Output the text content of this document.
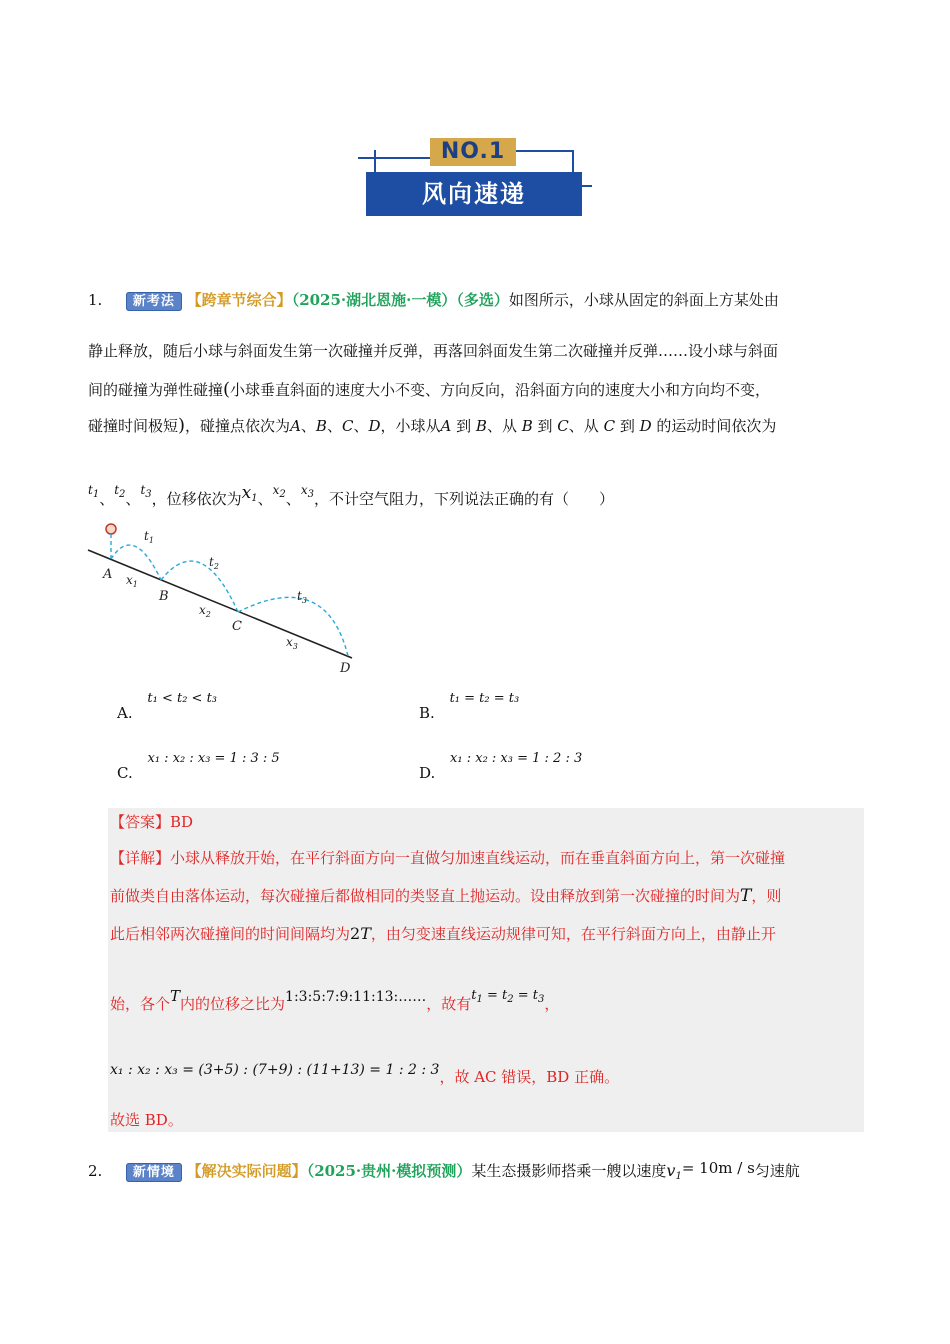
NO.1
风向速递
1. 新考法 【跨章节综合】（2025·湖北恩施·一模）（多选）如图所示，小球从固定的斜面上方某处由
静止释放，随后小球与斜面发生第一次碰撞并反弹，再落回斜面发生第二次碰撞并反弹……设小球与斜面
间的碰撞为弹性碰撞(小球垂直斜面的速度大小不变、方向反向，沿斜面方向的速度大小和方向均不变，
碰撞时间极短)，碰撞点依次为A、B、C、D，小球从A 到 B、从 B 到 C、从 C 到 D 的运动时间依次为
$^{t_1}$、$^{t_2}$、$^{t_3}$，位移依次为$x_1$、$^{x_2}$、$^{x_3}$，不计空气阻力，下列说法正确的有（　　）
A
B
C
D
$t_1$
$t_2$
$t_3$
$x_1$
$x_2$
$x_3$
A. t₁ < t₂ < t₃
B. t₁ = t₂ = t₃
C. x₁ : x₂ : x₃ = 1 : 3 : 5
D. x₁ : x₂ : x₃ = 1 : 2 : 3
【答案】BD
【详解】小球从释放开始，在平行斜面方向一直做匀加速直线运动，而在垂直斜面方向上，第一次碰撞
前做类自由落体运动，每次碰撞后都做相同的类竖直上抛运动。设由释放到第一次碰撞的时间为T，则
此后相邻两次碰撞间的时间间隔均为2T，由匀变速直线运动规律可知，在平行斜面方向上，由静止开
始，各个T内的位移之比为1:3:5:7:9:11:13:……，故有$t_1 = t_2 = t_3$，
x₁ : x₂ : x₃ = (3+5) : (7+9) : (11+13) = 1 : 2 : 3，故 AC 错误，BD 正确。
故选 BD。
2. 新情境 【解决实际问题】（2025·贵州·模拟预测）某生态摄影师搭乘一艘以速度$v_1= 10m / s$匀速航
